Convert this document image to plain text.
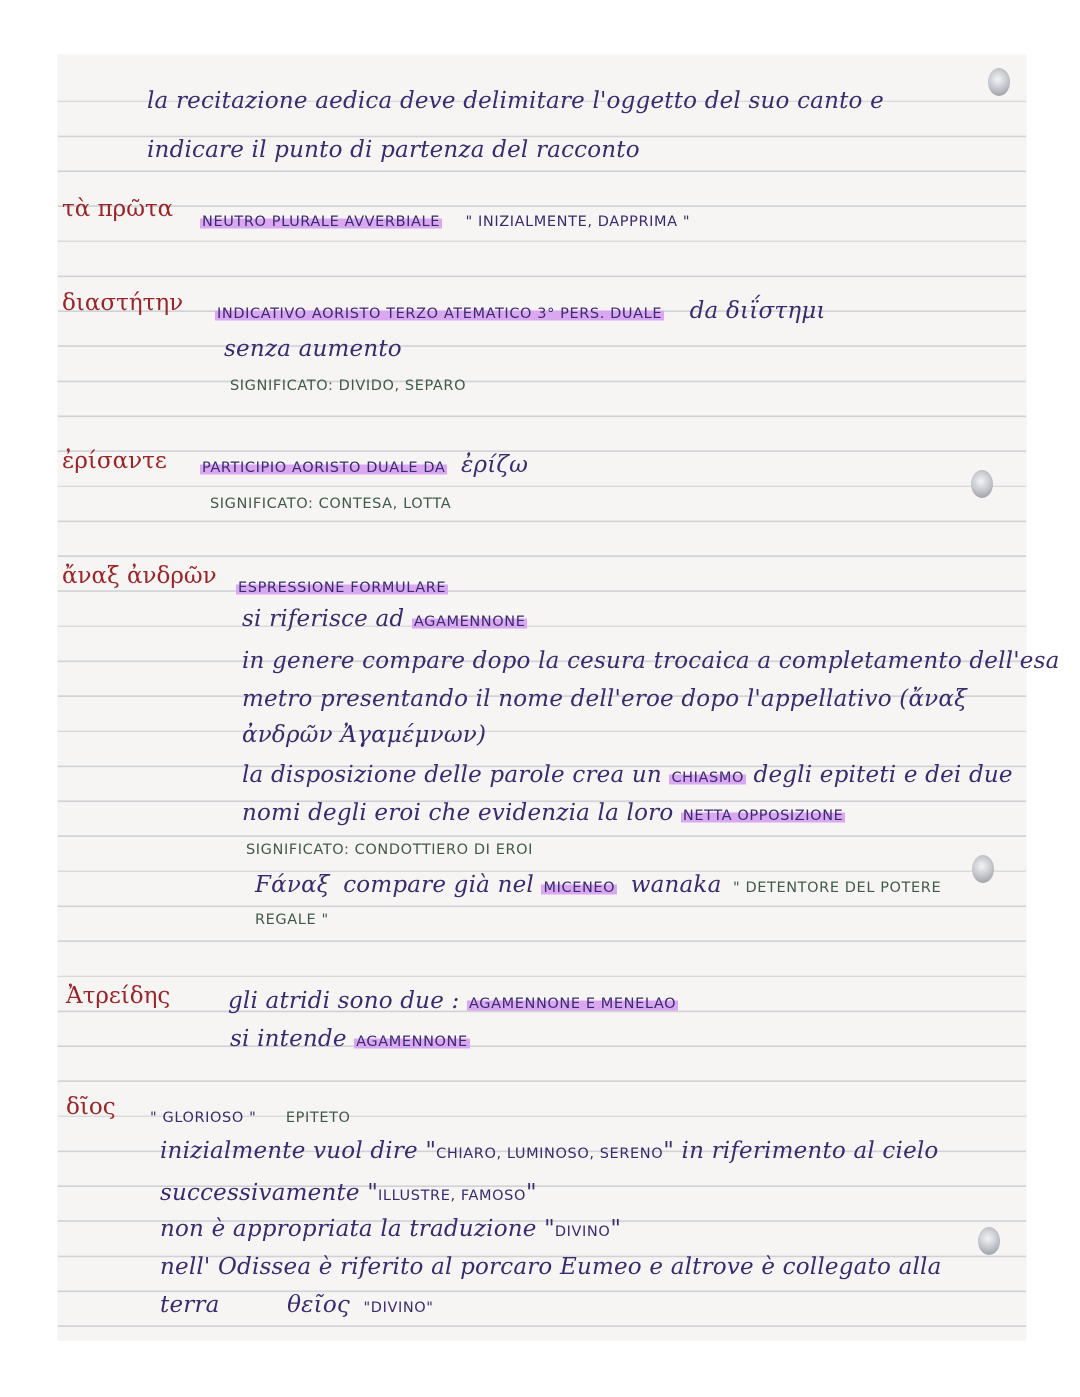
la recitazione aedica deve delimitare l'oggetto del suo canto e
indicare il punto di partenza del racconto
τὰ πρῶτα NEUTRO PLURALE AVVERBIALE " INIZIALMENTE, DAPPRIMA "
διαστήτην INDICATIVO AORISTO TERZO ATEMATICO 3° PERS. DUALE da διΐστημι
senza aumento
SIGNIFICATO: DIVIDO, SEPARO
ἐρίσαντε PARTICIPIO AORISTO DUALE DA ἐρίζω
SIGNIFICATO: CONTESA, LOTTA
ἄναξ ἀνδρῶν ESPRESSIONE FORMULARE
si riferisce ad AGAMENNONE
in genere compare dopo la cesura trocaica a completamento dell'esa
metro presentando il nome dell'eroe dopo l'appellativo (ἄναξ
ἀνδρῶν Ἀγαμέμνων)
la disposizione delle parole crea un CHIASMO degli epiteti e dei due
nomi degli eroi che evidenzia la loro NETTA OPPOSIZIONE
SIGNIFICATO: CONDOTTIERO DI EROI
Ϝάναξ compare già nel MICENEO wanaka " DETENTORE DEL POTERE
REGALE "
Ἀτρείδης	gli atridi sono due : AGAMENNONE E MENELAO
si intende AGAMENNONE
δῖος " GLORIOSO " EPITETO
inizialmente vuol dire "CHIARO, LUMINOSO, SERENO" in riferimento al cielo
successivamente "ILLUSTRE, FAMOSO"
non è appropriata la traduzione "DIVINO"
nell' Odissea è riferito al porcaro Eumeo e altrove è collegato alla
terra	θεῖος "DIVINO"
